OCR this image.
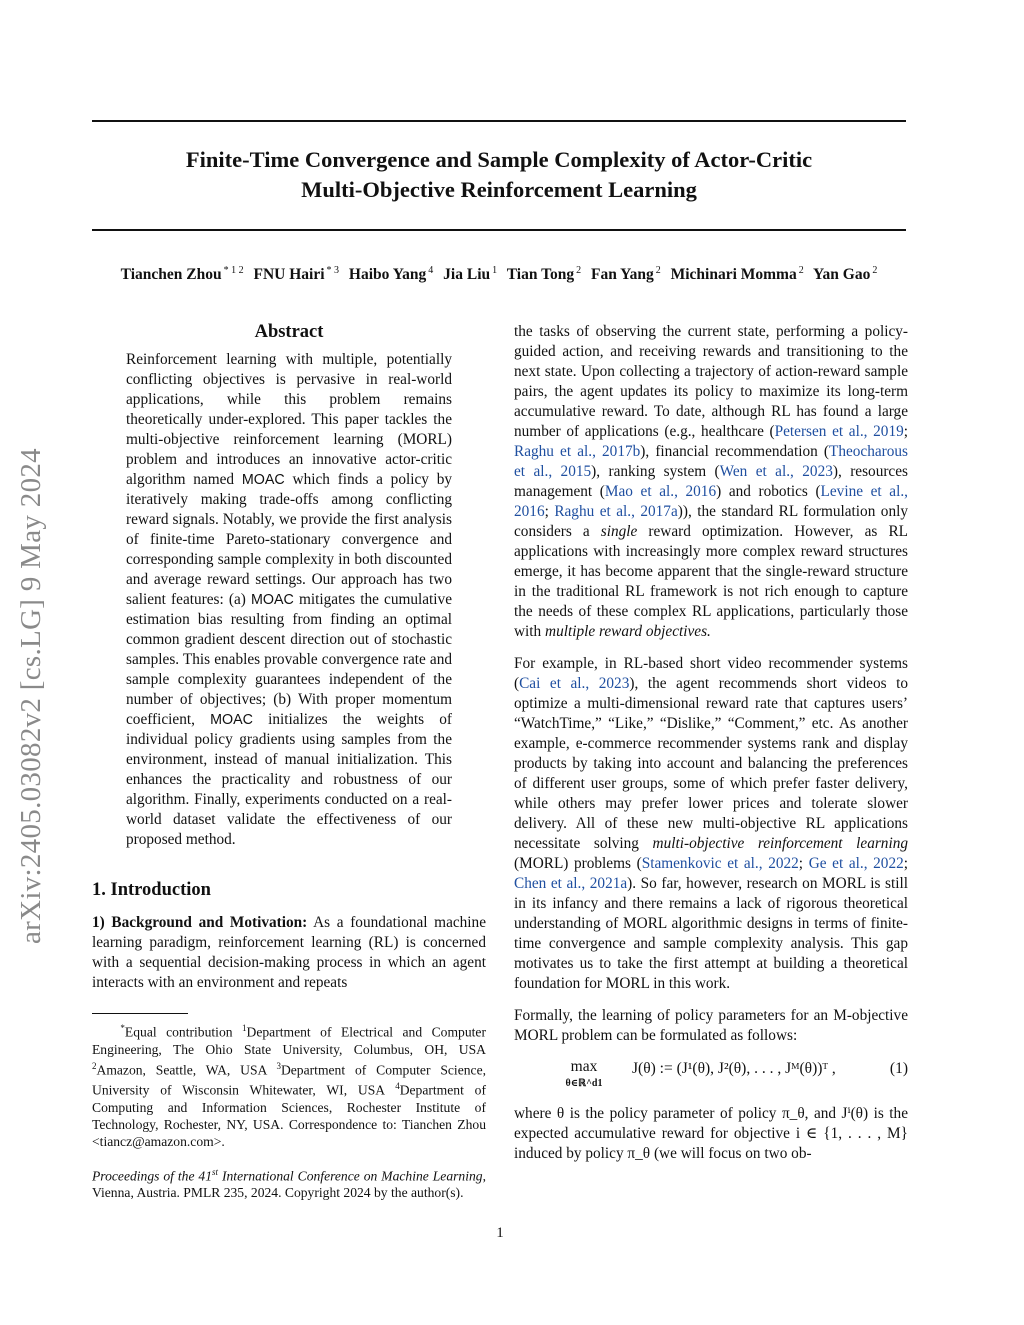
arXiv:2405.03082v2 [cs.LG] 9 May 2024
Finite-Time Convergence and Sample Complexity of Actor-Critic
Multi-Objective Reinforcement Learning
Tianchen Zhou $^{* 1 2}$ FNU Hairi $^{* 3}$ Haibo Yang $^4$ Jia Liu $^1$ Tian Tong $^2$ Fan Yang $^2$ Michinari Momma $^2$ Yan Gao $^2$
Abstract
Reinforcement learning with multiple, potentially conflicting objectives is pervasive in real-world applications, while this problem remains theoretically under-explored. This paper tackles the multi-objective reinforcement learning (MORL) problem and introduces an innovative actor-critic algorithm named MOAC which finds a policy by iteratively making trade-offs among conflicting reward signals. Notably, we provide the first analysis of finite-time Pareto-stationary convergence and corresponding sample complexity in both discounted and average reward settings. Our approach has two salient features: (a) MOAC mitigates the cumulative estimation bias resulting from finding an optimal common gradient descent direction out of stochastic samples. This enables provable convergence rate and sample complexity guarantees independent of the number of objectives; (b) With proper momentum coefficient, MOAC initializes the weights of individual policy gradients using samples from the environment, instead of manual initialization. This enhances the practicality and robustness of our algorithm. Finally, experiments conducted on a real-world dataset validate the effectiveness of our proposed method.
1. Introduction
1) Background and Motivation: As a foundational machine learning paradigm, reinforcement learning (RL) is concerned with a sequential decision-making process in which an agent interacts with an environment and repeats
*Equal contribution $^1$Department of Electrical and Computer Engineering, The Ohio State University, Columbus, OH, USA $^2$Amazon, Seattle, WA, USA $^3$Department of Computer Science, University of Wisconsin Whitewater, WI, USA $^4$Department of Computing and Information Sciences, Rochester Institute of Technology, Rochester, NY, USA. Correspondence to: Tianchen Zhou <tiancz@amazon.com>.
Proceedings of the 41st International Conference on Machine Learning, Vienna, Austria. PMLR 235, 2024. Copyright 2024 by the author(s).
the tasks of observing the current state, performing a policy-guided action, and receiving rewards and transitioning to the next state. Upon collecting a trajectory of action-reward sample pairs, the agent updates its policy to maximize its long-term accumulative reward. To date, although RL has found a large number of applications (e.g., healthcare (Petersen et al., 2019; Raghu et al., 2017b), financial recommendation (Theocharous et al., 2015), ranking system (Wen et al., 2023), resources management (Mao et al., 2016) and robotics (Levine et al., 2016; Raghu et al., 2017a)), the standard RL formulation only considers a single reward optimization. However, as RL applications with increasingly more complex reward structures emerge, it has become apparent that the single-reward structure in the traditional RL framework is not rich enough to capture the needs of these complex RL applications, particularly those with multiple reward objectives.
For example, in RL-based short video recommender systems (Cai et al., 2023), the agent recommends short videos to optimize a multi-dimensional reward rate that captures users’ “WatchTime,” “Like,” “Dislike,” “Comment,” etc. As another example, e-commerce recommender systems rank and display products by taking into account and balancing the preferences of different user groups, some of which prefer faster delivery, while others may prefer lower prices and tolerate slower delivery. All of these new multi-objective RL applications necessitate solving multi-objective reinforcement learning (MORL) problems (Stamenkovic et al., 2022; Ge et al., 2022; Chen et al., 2021a). So far, however, research on MORL is still in its infancy and there remains a lack of rigorous theoretical understanding of MORL algorithmic designs in terms of finite-time convergence and sample complexity analysis. This gap motivates us to take the first attempt at building a theoretical foundation for MORL in this work.
Formally, the learning of policy parameters for an M-objective MORL problem can be formulated as follows:
max
θ∈ℝ^d1
J(θ) := (J¹(θ), J²(θ), . . . , Jᴹ(θ))ᵀ ,	(1)
where θ is the policy parameter of policy π_θ, and Jⁱ(θ) is the expected accumulative reward for objective i ∈ {1, . . . , M} induced by policy π_θ (we will focus on two ob-
1
